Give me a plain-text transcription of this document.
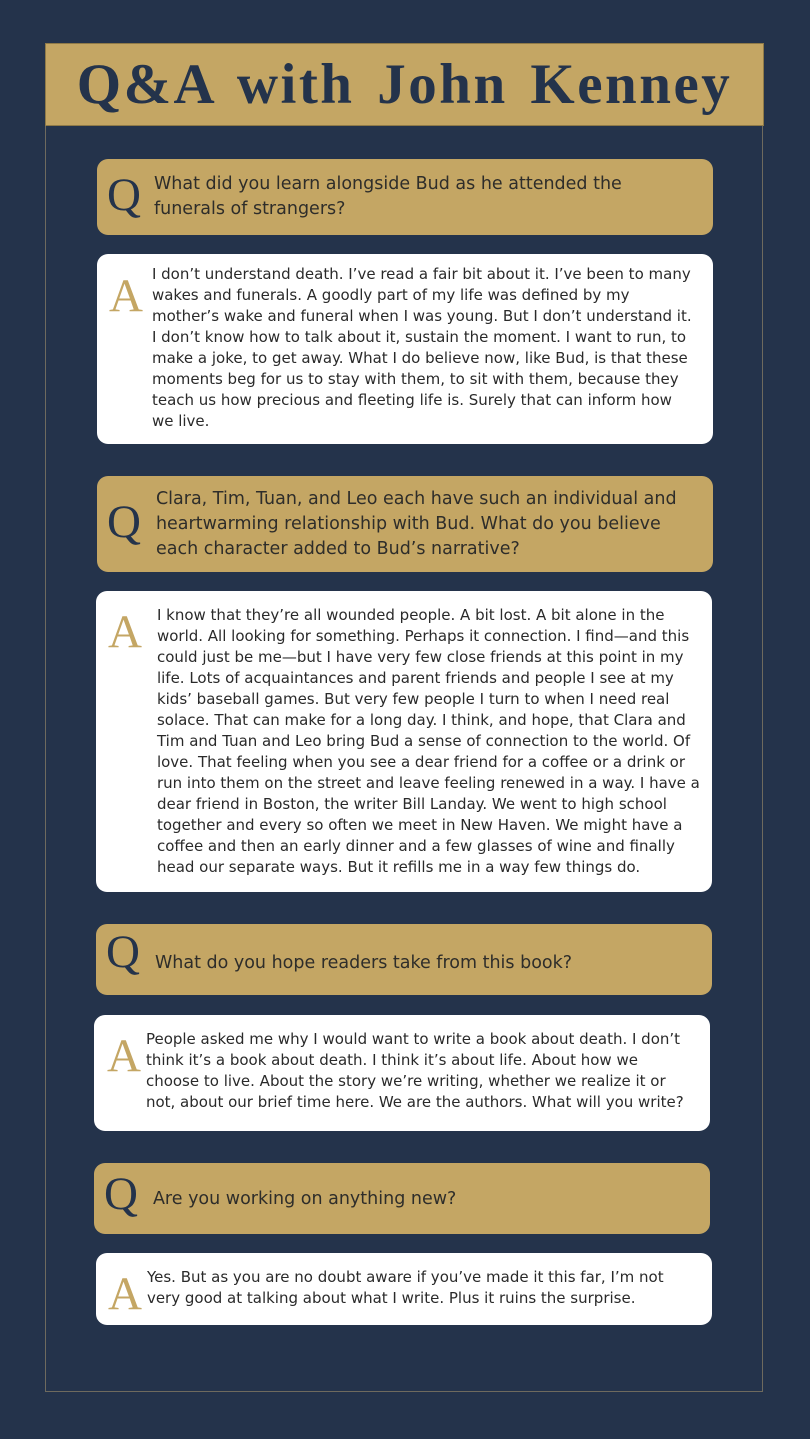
Q&A with John Kenney
Q What did you learn alongside Bud as he attended the funerals of strangers?
A I don’t understand death. I’ve read a fair bit about it. I’ve been to many wakes and funerals. A goodly part of my life was defined by my mother’s wake and funeral when I was young. But I don’t understand it. I don’t know how to talk about it, sustain the moment. I want to run, to make a joke, to get away. What I do believe now, like Bud, is that these moments beg for us to stay with them, to sit with them, because they teach us how precious and fleeting life is. Surely that can inform how we live.
Q Clara, Tim, Tuan, and Leo each have such an individual and heartwarming relationship with Bud. What do you believe each character added to Bud’s narrative?
A I know that they’re all wounded people. A bit lost. A bit alone in the world. All looking for something. Perhaps it connection. I find—and this could just be me—but I have very few close friends at this point in my life. Lots of acquaintances and parent friends and people I see at my kids’ baseball games. But very few people I turn to when I need real solace. That can make for a long day. I think, and hope, that Clara and Tim and Tuan and Leo bring Bud a sense of connection to the world. Of love. That feeling when you see a dear friend for a coffee or a drink or run into them on the street and leave feeling renewed in a way. I have a dear friend in Boston, the writer Bill Landay. We went to high school together and every so often we meet in New Haven. We might have a coffee and then an early dinner and a few glasses of wine and finally head our separate ways. But it refills me in a way few things do.
Q What do you hope readers take from this book?
A People asked me why I would want to write a book about death. I don’t think it’s a book about death. I think it’s about life. About how we choose to live. About the story we’re writing, whether we realize it or not, about our brief time here. We are the authors. What will you write?
Q Are you working on anything new?
A Yes. But as you are no doubt aware if you’ve made it this far, I’m not very good at talking about what I write. Plus it ruins the surprise.
